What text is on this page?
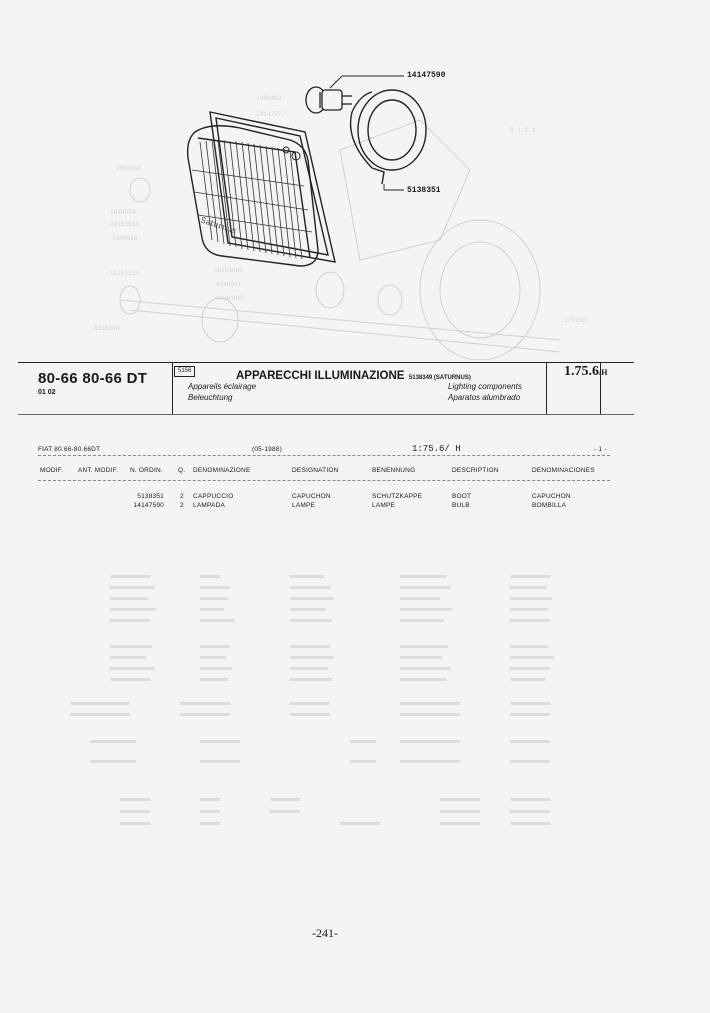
Saturnus
1909403
14147577
1018524
10181534
1000018
11181115	10141001
4140011
10181003
6510040
1751507
0050018
5 1 1 1
14147590
5138351
80-66 80-66 DT
01 02
5156	APPARECCHI ILLUMINAZIONE 5138349 (SATURNUS)
Appareils éclairage
Beleuchtung
Lighting components
Aparatos alumbrado
1.75.6/H
FIAT 80.66-80.66DT	(05-1988)	1:75.6/ H	- 1 -
MODIF. ANT. MODIF. N. ORDIN. Q. DENOMINAZIONE	DESIGNATION	BENENNUNG	DESCRIPTION	DENOMINACIONES
5138351 2 CAPPUCCIO	CAPUCHON	SCHUTZKAPPE	BOOT	CAPUCHON
14147590 2 LAMPADA	LAMPE	LAMPE	BULB	BOMBILLA
-241-
